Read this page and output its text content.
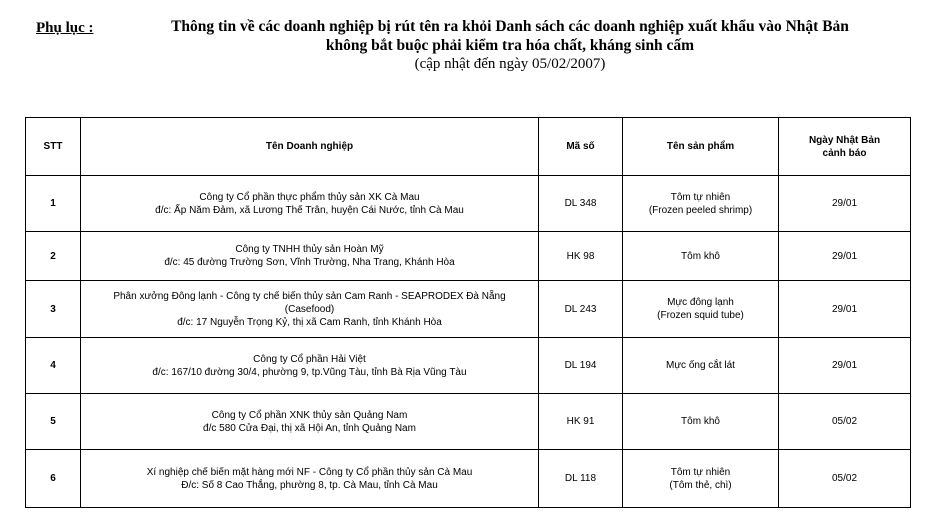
Phụ lục :	Thông tin về các doanh nghiệp bị rút tên ra khỏi Danh sách các doanh nghiệp xuất khẩu vào Nhật Bản
không bắt buộc phải kiểm tra hóa chất, kháng sinh cấm
(cập nhật đến ngày 05/02/2007)
STT	Tên Doanh nghiệp	Mã số	Tên sản phẩm	Ngày Nhật Bản
cảnh báo

1	Công ty Cổ phần thực phẩm thủy sản XK Cà Mau
đ/c: Ấp Năm Đảm, xã Lương Thế Trân, huyện Cái Nước, tỉnh Cà Mau	DL 348	Tôm tự nhiên
(Frozen peeled shrimp)	29/01
2	Công ty TNHH thủy sản Hoàn Mỹ
đ/c: 45 đường Trường Sơn, Vĩnh Trường, Nha Trang, Khánh Hòa	HK 98	Tôm khô	29/01
3	Phân xưởng Đông lạnh - Công ty chế biến thủy sản Cam Ranh - SEAPRODEX Đà Nẵng
(Casefood)
đ/c: 17 Nguyễn Trọng Kỷ, thị xã Cam Ranh, tỉnh Khánh Hòa	DL 243	Mực đông lạnh
(Frozen squid tube)	29/01
4	Công ty Cổ phần Hải Việt
đ/c: 167/10 đường 30/4, phường 9, tp.Vũng Tàu, tỉnh Bà Rịa Vũng Tàu	DL 194	Mực ống cắt lát	29/01
5	Công ty Cổ phần XNK thủy sản Quảng Nam
đ/c 580 Cửa Đại, thị xã Hội An, tỉnh Quảng Nam	HK 91	Tôm khô	05/02
6	Xí nghiệp chế biến mặt hàng mới NF - Công ty Cổ phần thủy sản Cà Mau
Đ/c: Số 8 Cao Thắng, phường 8, tp. Cà Mau, tỉnh Cà Mau	DL 118	Tôm tự nhiên
(Tôm thẻ, chì)	05/02
